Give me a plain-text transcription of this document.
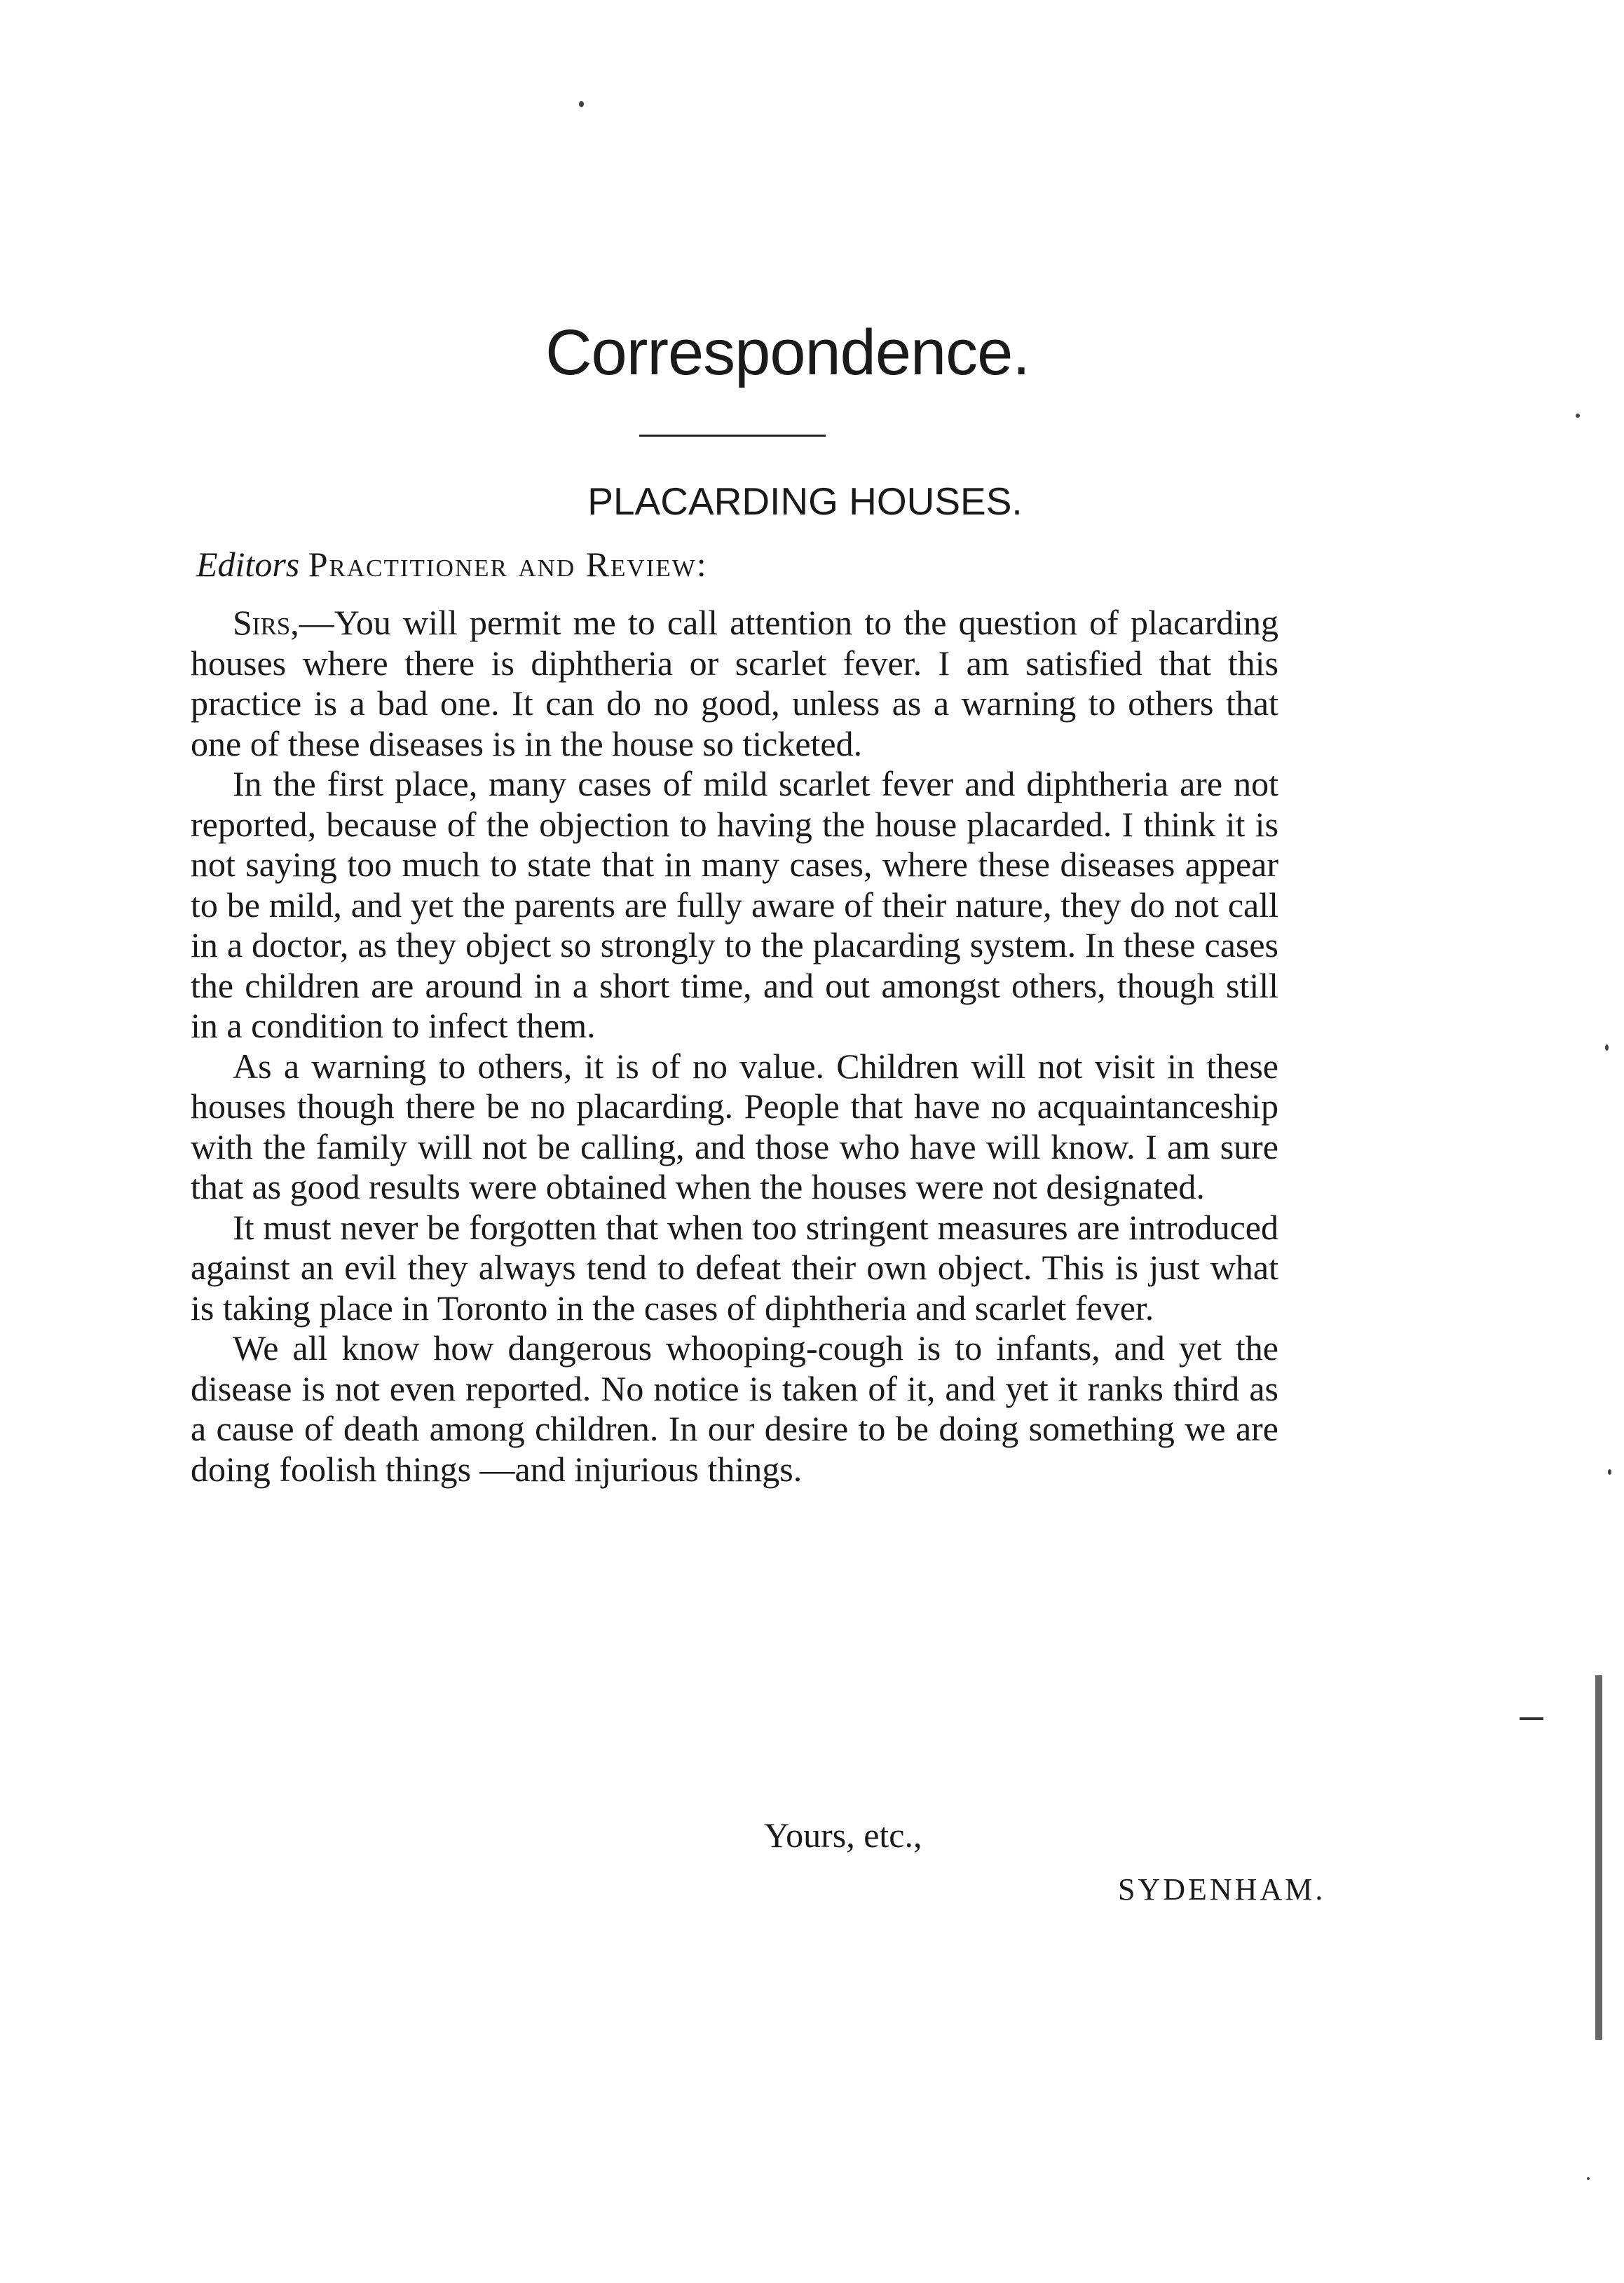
Correspondence.
PLACARDING HOUSES.

Editors Practitioner and Review:

Sirs,—You will permit me to call attention to the question of placarding houses where there is diphtheria or scarlet fever. I am satisfied that this practice is a bad one. It can do no good, unless as a warning to others that one of these diseases is in the house so ticketed.

In the first place, many cases of mild scarlet fever and diphtheria are not reported, because of the objection to having the house placarded. I think it is not saying too much to state that in many cases, where these diseases appear to be mild, and yet the parents are fully aware of their nature, they do not call in a doctor, as they object so strongly to the placarding system. In these cases the children are around in a short time, and out amongst others, though still in a condition to infect them.

As a warning to others, it is of no value. Children will not visit in these houses though there be no placarding. People that have no acquaintanceship with the family will not be calling, and those who have will know. I am sure that as good results were obtained when the houses were not designated.

It must never be forgotten that when too stringent measures are introduced against an evil they always tend to defeat their own object. This is just what is taking place in Toronto in the cases of diphtheria and scarlet fever.

We all know how dangerous whooping-cough is to infants, and yet the disease is not even reported. No notice is taken of it, and yet it ranks third as a cause of death among children. In our desire to be doing something we are doing foolish things —and injurious things.

Yours, etc.,

SYDENHAM.
